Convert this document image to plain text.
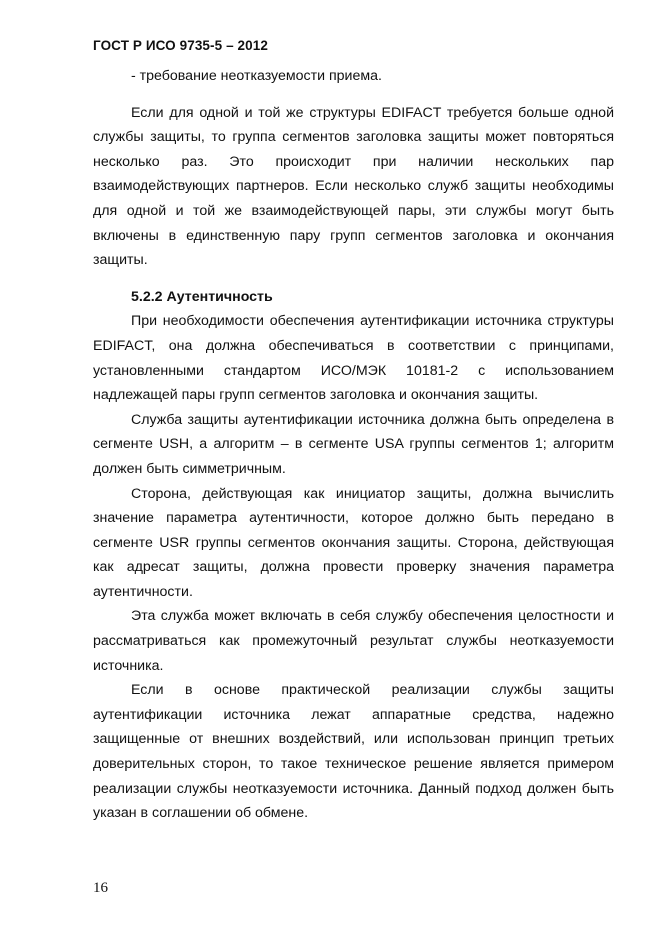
ГОСТ Р ИСО 9735-5 – 2012

- требование неотказуемости приема.

Если для одной и той же структуры EDIFACT требуется больше одной службы защиты, то группа сегментов заголовка защиты может повторяться несколько раз. Это происходит при наличии нескольких пар взаимодействующих партнеров. Если несколько служб защиты необходимы для одной и той же взаимодействующей пары, эти службы могут быть включены в единственную пару групп сегментов заголовка и окончания защиты.

5.2.2 Аутентичность

При необходимости обеспечения аутентификации источника структуры EDIFACT, она должна обеспечиваться в соответствии с принципами, установленными стандартом ИСО/МЭК 10181-2 с использованием надлежащей пары групп сегментов заголовка и окончания защиты.

Служба защиты аутентификации источника должна быть определена в сегменте USH, а алгоритм – в сегменте USA группы сегментов 1; алгоритм должен быть симметричным.

Сторона, действующая как инициатор защиты, должна вычислить значение параметра аутентичности, которое должно быть передано в сегменте USR группы сегментов окончания защиты. Сторона, действующая как адресат защиты, должна провести проверку значения параметра аутентичности.

Эта служба может включать в себя службу обеспечения целостности и рассматриваться как промежуточный результат службы неотказуемости источника.

Если в основе практической реализации службы защиты аутентификации источника лежат аппаратные средства, надежно защищенные от внешних воздействий, или использован принцип третьих доверительных сторон, то такое техническое решение является примером реализации службы неотказуемости источника. Данный подход должен быть указан в соглашении об обмене.

16
